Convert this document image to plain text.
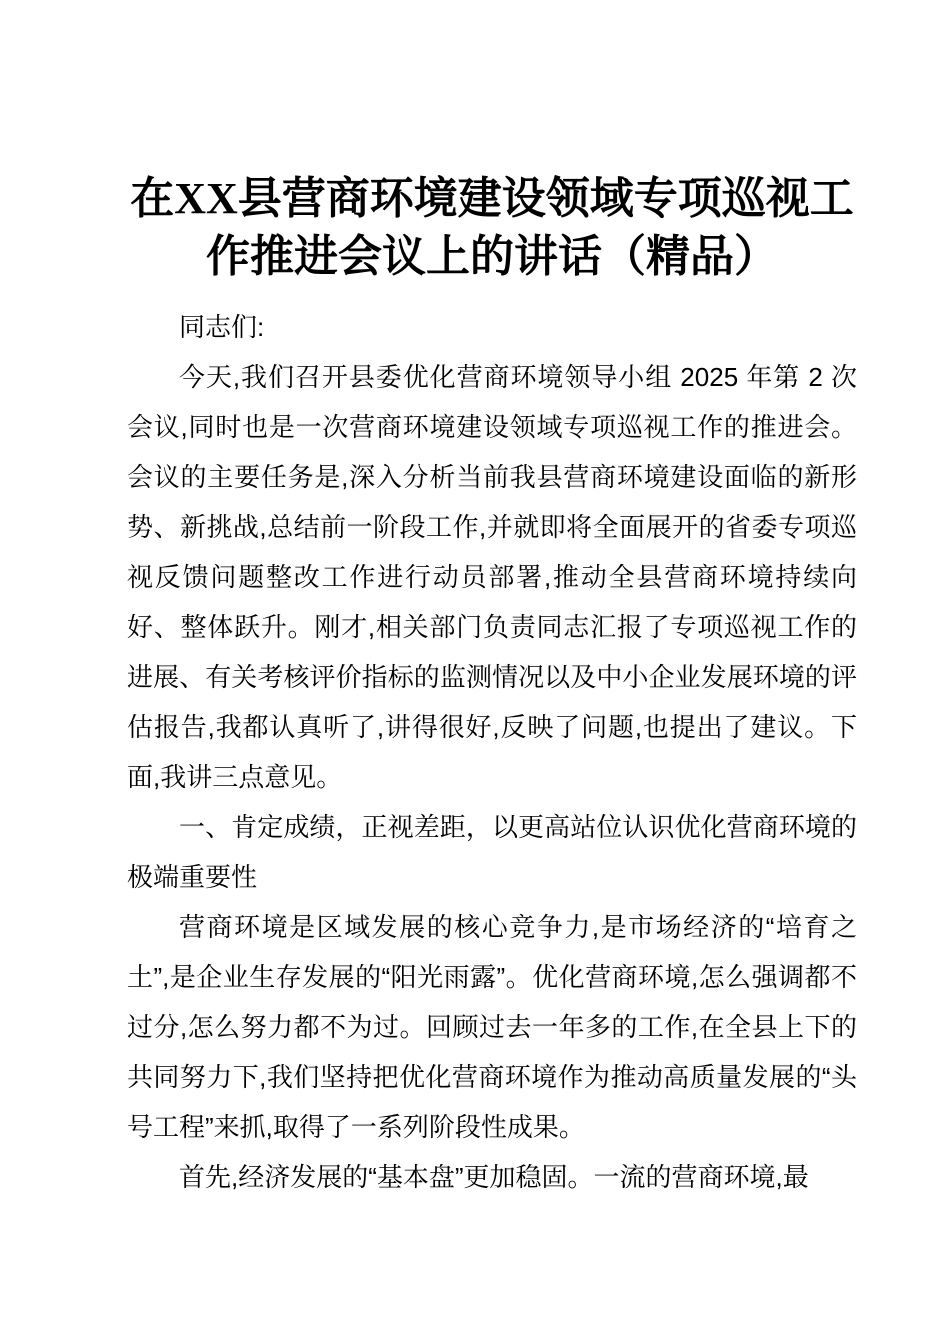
在XX县营商环境建设领域专项巡视工作推进会议上的讲话（精品）

同志们:

今天,我们召开县委优化营商环境领导小组 2025 年第 2 次会议,同时也是一次营商环境建设领域专项巡视工作的推进会。会议的主要任务是,深入分析当前我县营商环境建设面临的新形势、新挑战,总结前一阶段工作,并就即将全面展开的省委专项巡视反馈问题整改工作进行动员部署,推动全县营商环境持续向好、整体跃升。刚才,相关部门负责同志汇报了专项巡视工作的进展、有关考核评价指标的监测情况以及中小企业发展环境的评估报告,我都认真听了,讲得很好,反映了问题,也提出了建议。下面,我讲三点意见。

一、肯定成绩，正视差距，以更高站位认识优化营商环境的极端重要性

营商环境是区域发展的核心竞争力,是市场经济的“培育之土”,是企业生存发展的“阳光雨露”。优化营商环境,怎么强调都不过分,怎么努力都不为过。回顾过去一年多的工作,在全县上下的共同努力下,我们坚持把优化营商环境作为推动高质量发展的“头号工程”来抓,取得了一系列阶段性成果。

首先,经济发展的“基本盘”更加稳固。一流的营商环境,最
